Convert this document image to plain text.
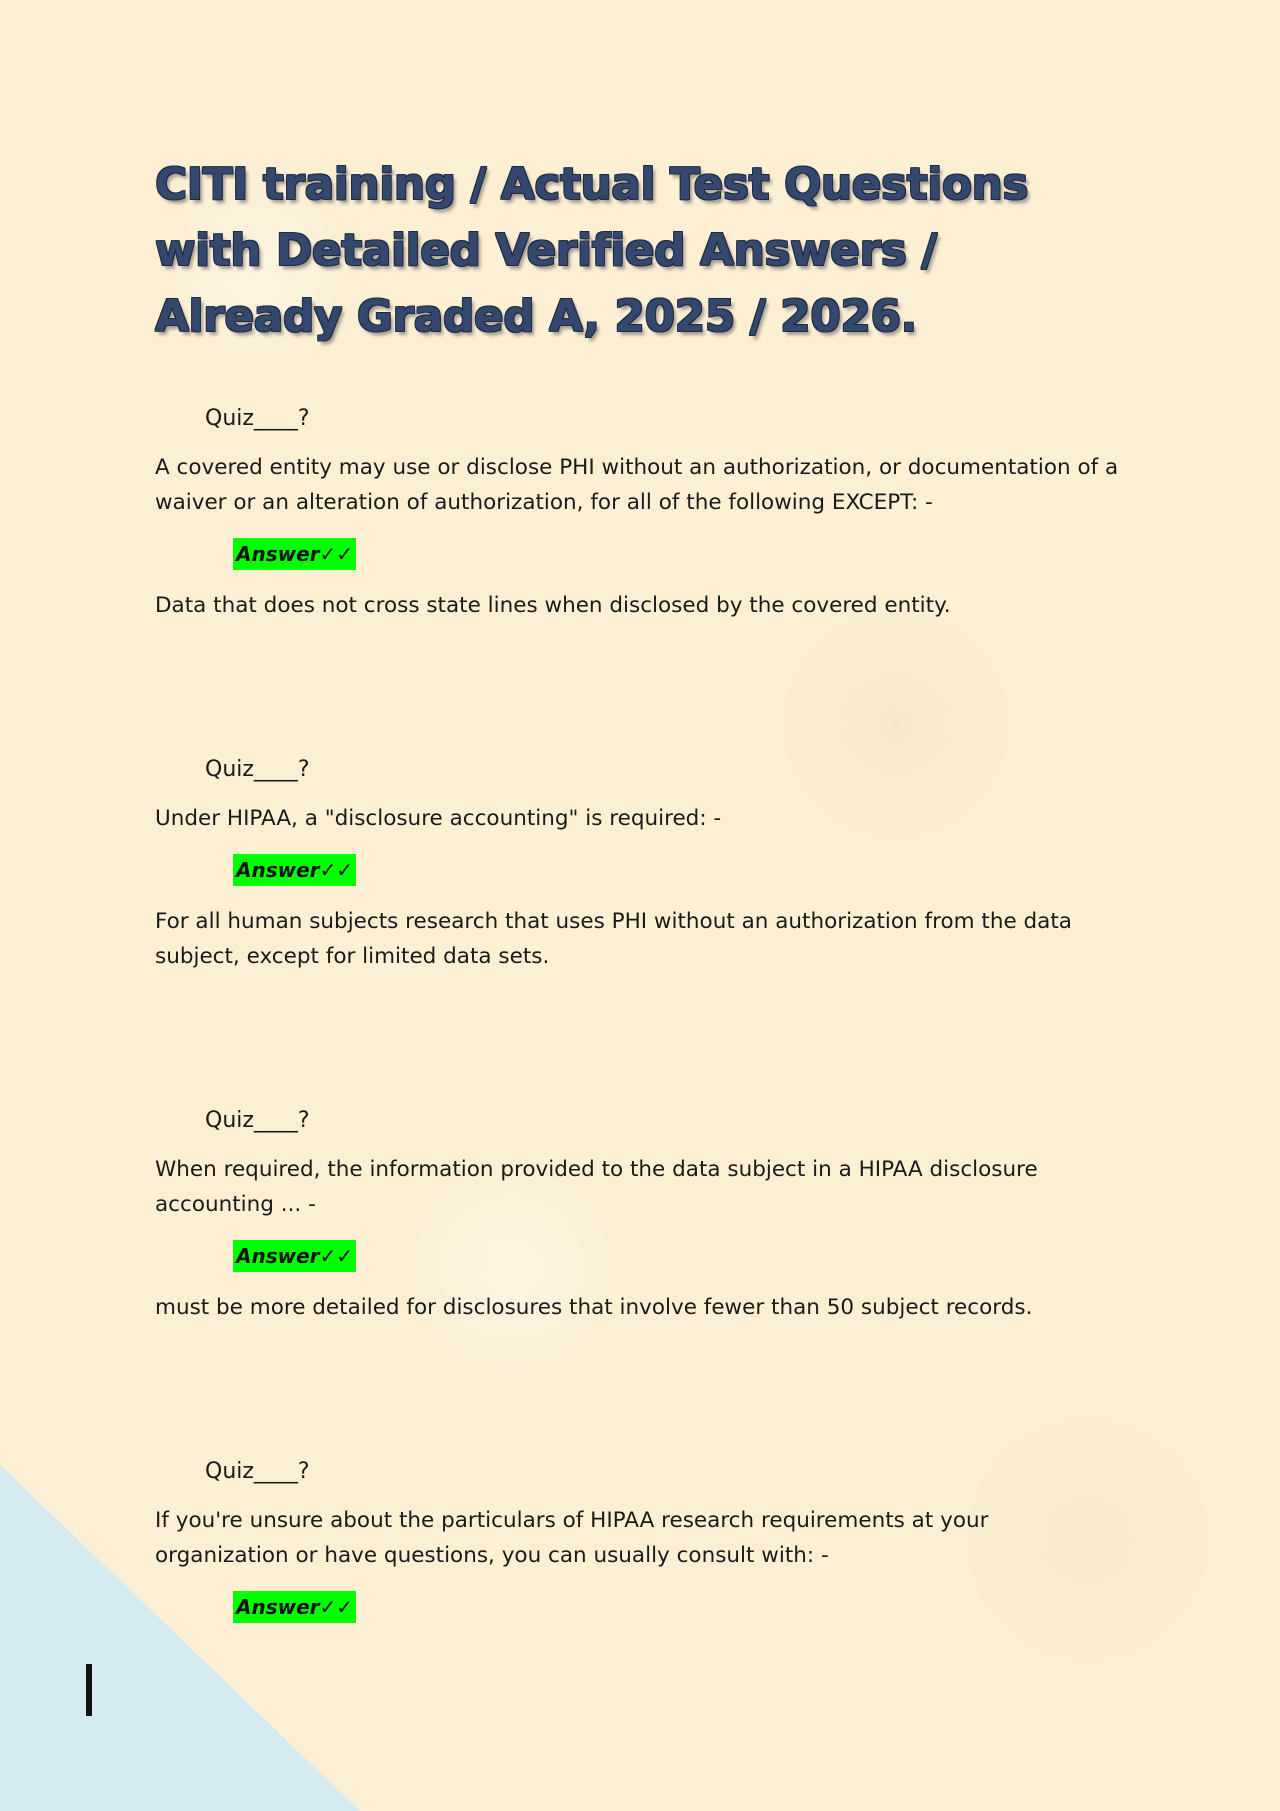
CITI training / Actual Test Questions with Detailed Verified Answers / Already Graded A, 2025 / 2026.

Quiz____?

A covered entity may use or disclose PHI without an authorization, or documentation of a waiver or an alteration of authorization, for all of the following EXCEPT: -

Answer✓✓

Data that does not cross state lines when disclosed by the covered entity.

Quiz____?

Under HIPAA, a "disclosure accounting" is required: -

Answer✓✓

For all human subjects research that uses PHI without an authorization from the data subject, except for limited data sets.

Quiz____?

When required, the information provided to the data subject in a HIPAA disclosure accounting ... -

Answer✓✓

must be more detailed for disclosures that involve fewer than 50 subject records.

Quiz____?

If you're unsure about the particulars of HIPAA research requirements at your organization or have questions, you can usually consult with: -

Answer✓✓
